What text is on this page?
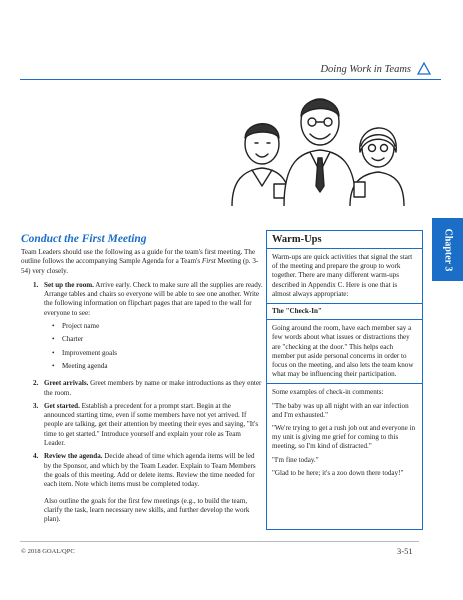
Doing Work in Teams
Chapter 3
Conduct the First Meeting

Team Leaders should use the following as a guide for the team's first meeting. The outline follows the accompanying Sample Agenda for a Team's First Meeting (p. 3-54) very closely.

1. Set up the room. Arrive early. Check to make sure all the supplies are ready. Arrange tables and chairs so everyone will be able to see one another. Write the following information on flipchart pages that are taped to the wall for everyone to see:
•	Project name
•	Charter
•	Improvement goals
•	Meeting agenda
2. Greet arrivals. Greet members by name or make introductions as they enter the room.
3. Get started. Establish a precedent for a prompt start. Begin at the announced starting time, even if some members have not yet arrived. If people are talking, get their attention by meeting their eyes and saying, "It's time to get started." Introduce yourself and explain your role as Team Leader.
4. Review the agenda. Decide ahead of time which agenda items will be led by the Sponsor, and which by the Team Leader. Explain to Team Members the goals of this meeting. Add or delete items. Review the time needed for each item. Note which items must be completed today.

Also outline the goals for the first few meetings (e.g., to build the team, clarify the task, learn necessary new skills, and further develop the work plan).

Warm-Ups

Warm-ups are quick activities that signal the start of the meeting and prepare the group to work together. There are many different warm-ups described in Appendix C. Here is one that is almost always appropriate:

The "Check-In"

Going around the room, have each member say a few words about what issues or distractions they are "checking at the door." This helps each member put aside personal concerns in order to focus on the meeting, and also lets the team know what may be influencing their participation.

Some examples of check-in comments:

"The baby was up all night with an ear infection and I'm exhausted."

"We're trying to get a rush job out and everyone in my unit is giving me grief for coming to this meeting, so I'm kind of distracted."

"I'm fine today."

"Glad to be here; it's a zoo down there today!"

© 2018 GOAL/QPC	3-51
